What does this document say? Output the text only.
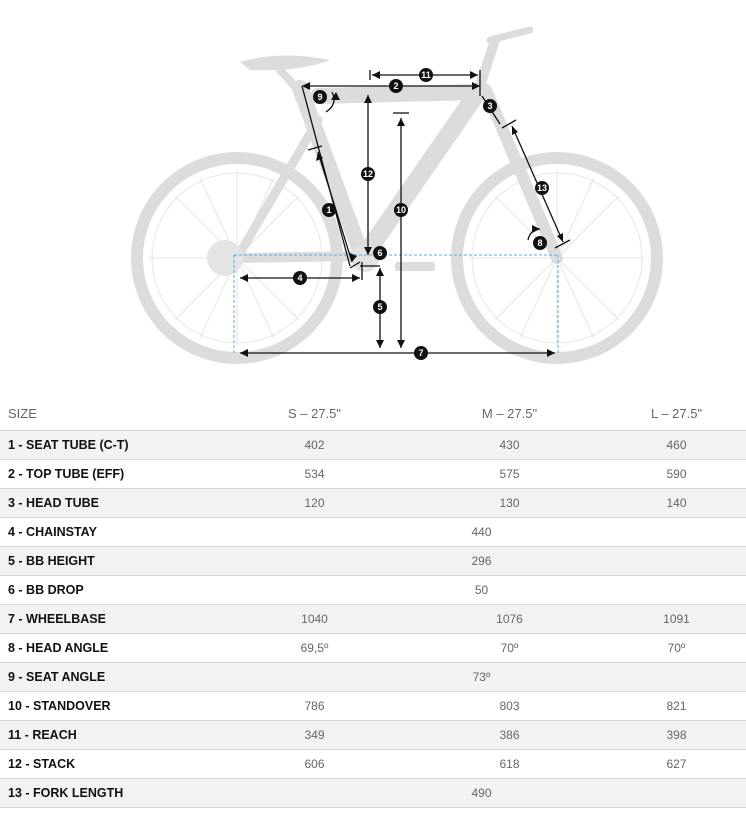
1
2
3
4
5
6
7
8
9
10
11
12
13
SIZE	S – 27.5"	M – 27.5"	L – 27.5"
1 - SEAT TUBE (C-T)	402	430	460
2 - TOP TUBE (EFF)	534	575	590
3 - HEAD TUBE	120	130	140
4 - CHAINSTAY	440		
5 - BB HEIGHT	296		
6 - BB DROP	50		
7 - WHEELBASE	1040	1076	1091
8 - HEAD ANGLE	69,5º	70º	70º
9 - SEAT ANGLE	73º		
10 - STANDOVER	786	803	821
11 - REACH	349	386	398
12 - STACK	606	618	627
13 - FORK LENGTH	490		
